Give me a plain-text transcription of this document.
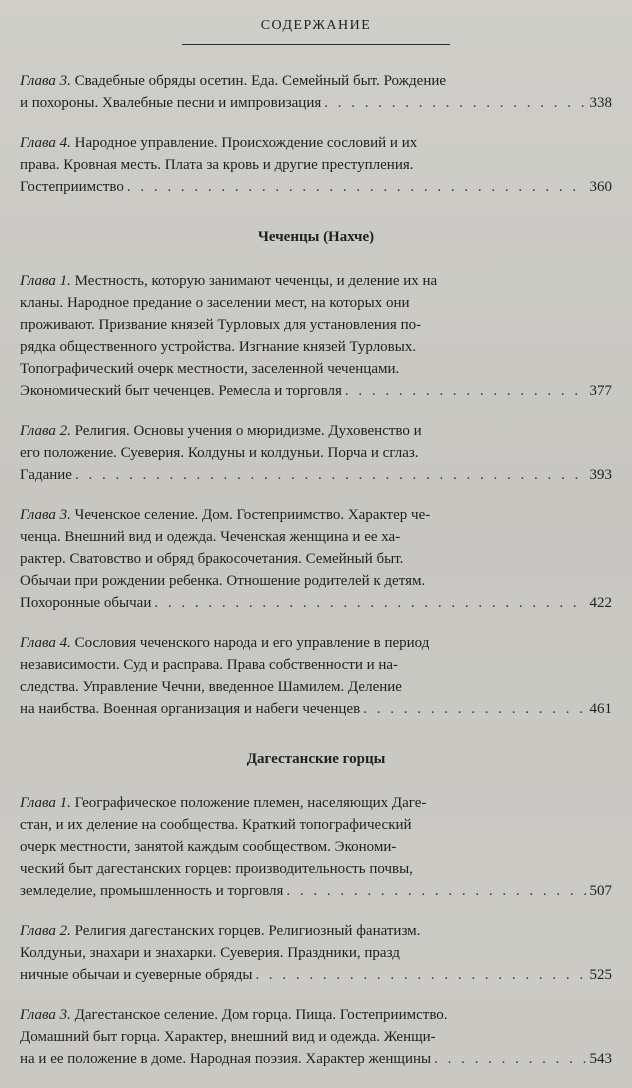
СОДЕРЖАНИЕ
Глава 3. Свадебные обряды осетин. Еда. Семейный быт. Рождение
и похороны. Хвалебные песни и импровизация . . .	338
Глава 4. Народное управление. Происхождение сословий и их
права. Кровная месть. Плата за кровь и другие преступления.
Гостеприимство . . .	360
Чеченцы (Нахче)
Глава 1. Местность, которую занимают чеченцы, и деление их на
кланы. Народное предание о заселении мест, на которых они
проживают. Призвание князей Турловых для установления по-
рядка общественного устройства. Изгнание князей Турловых.
Топографический очерк местности, заселенной чеченцами.
Экономический быт чеченцев. Ремесла и торговля . . .	377
Глава 2. Религия. Основы учения о мюридизме. Духовенство и
его положение. Суеверия. Колдуны и колдуньи. Порча и сглаз.
Гадание . . .	393
Глава 3. Чеченское селение. Дом. Гостеприимство. Характер че-
ченца. Внешний вид и одежда. Чеченская женщина и ее ха-
рактер. Сватовство и обряд бракосочетания. Семейный быт.
Обычаи при рождении ребенка. Отношение родителей к детям.
Похоронные обычаи . . .	422
Глава 4. Сословия чеченского народа и его управление в период
независимости. Суд и расправа. Права собственности и на-
следства. Управление Чечни, введенное Шамилем. Деление
на наибства. Военная организация и набеги чеченцев . . .	461
Дагестанские горцы
Глава 1. Географическое положение племен, населяющих Даге-
стан, и их деление на сообщества. Краткий топографический
очерк местности, занятой каждым сообществом. Экономи-
ческий быт дагестанских горцев: производительность почвы,
земледелие, промышленность и торговля . . .	507
Глава 2. Религия дагестанских горцев. Религиозный фанатизм.
Колдуньи, знахари и знахарки. Суеверия. Праздники, празд
ничные обычаи и суеверные обряды . . .	525
Глава 3. Дагестанское селение. Дом горца. Пища. Гостеприимство.
Домашний быт горца. Характер, внешний вид и одежда. Женщи-
на и ее положение в доме. Народная поэзия. Характер женщины . . .	543
